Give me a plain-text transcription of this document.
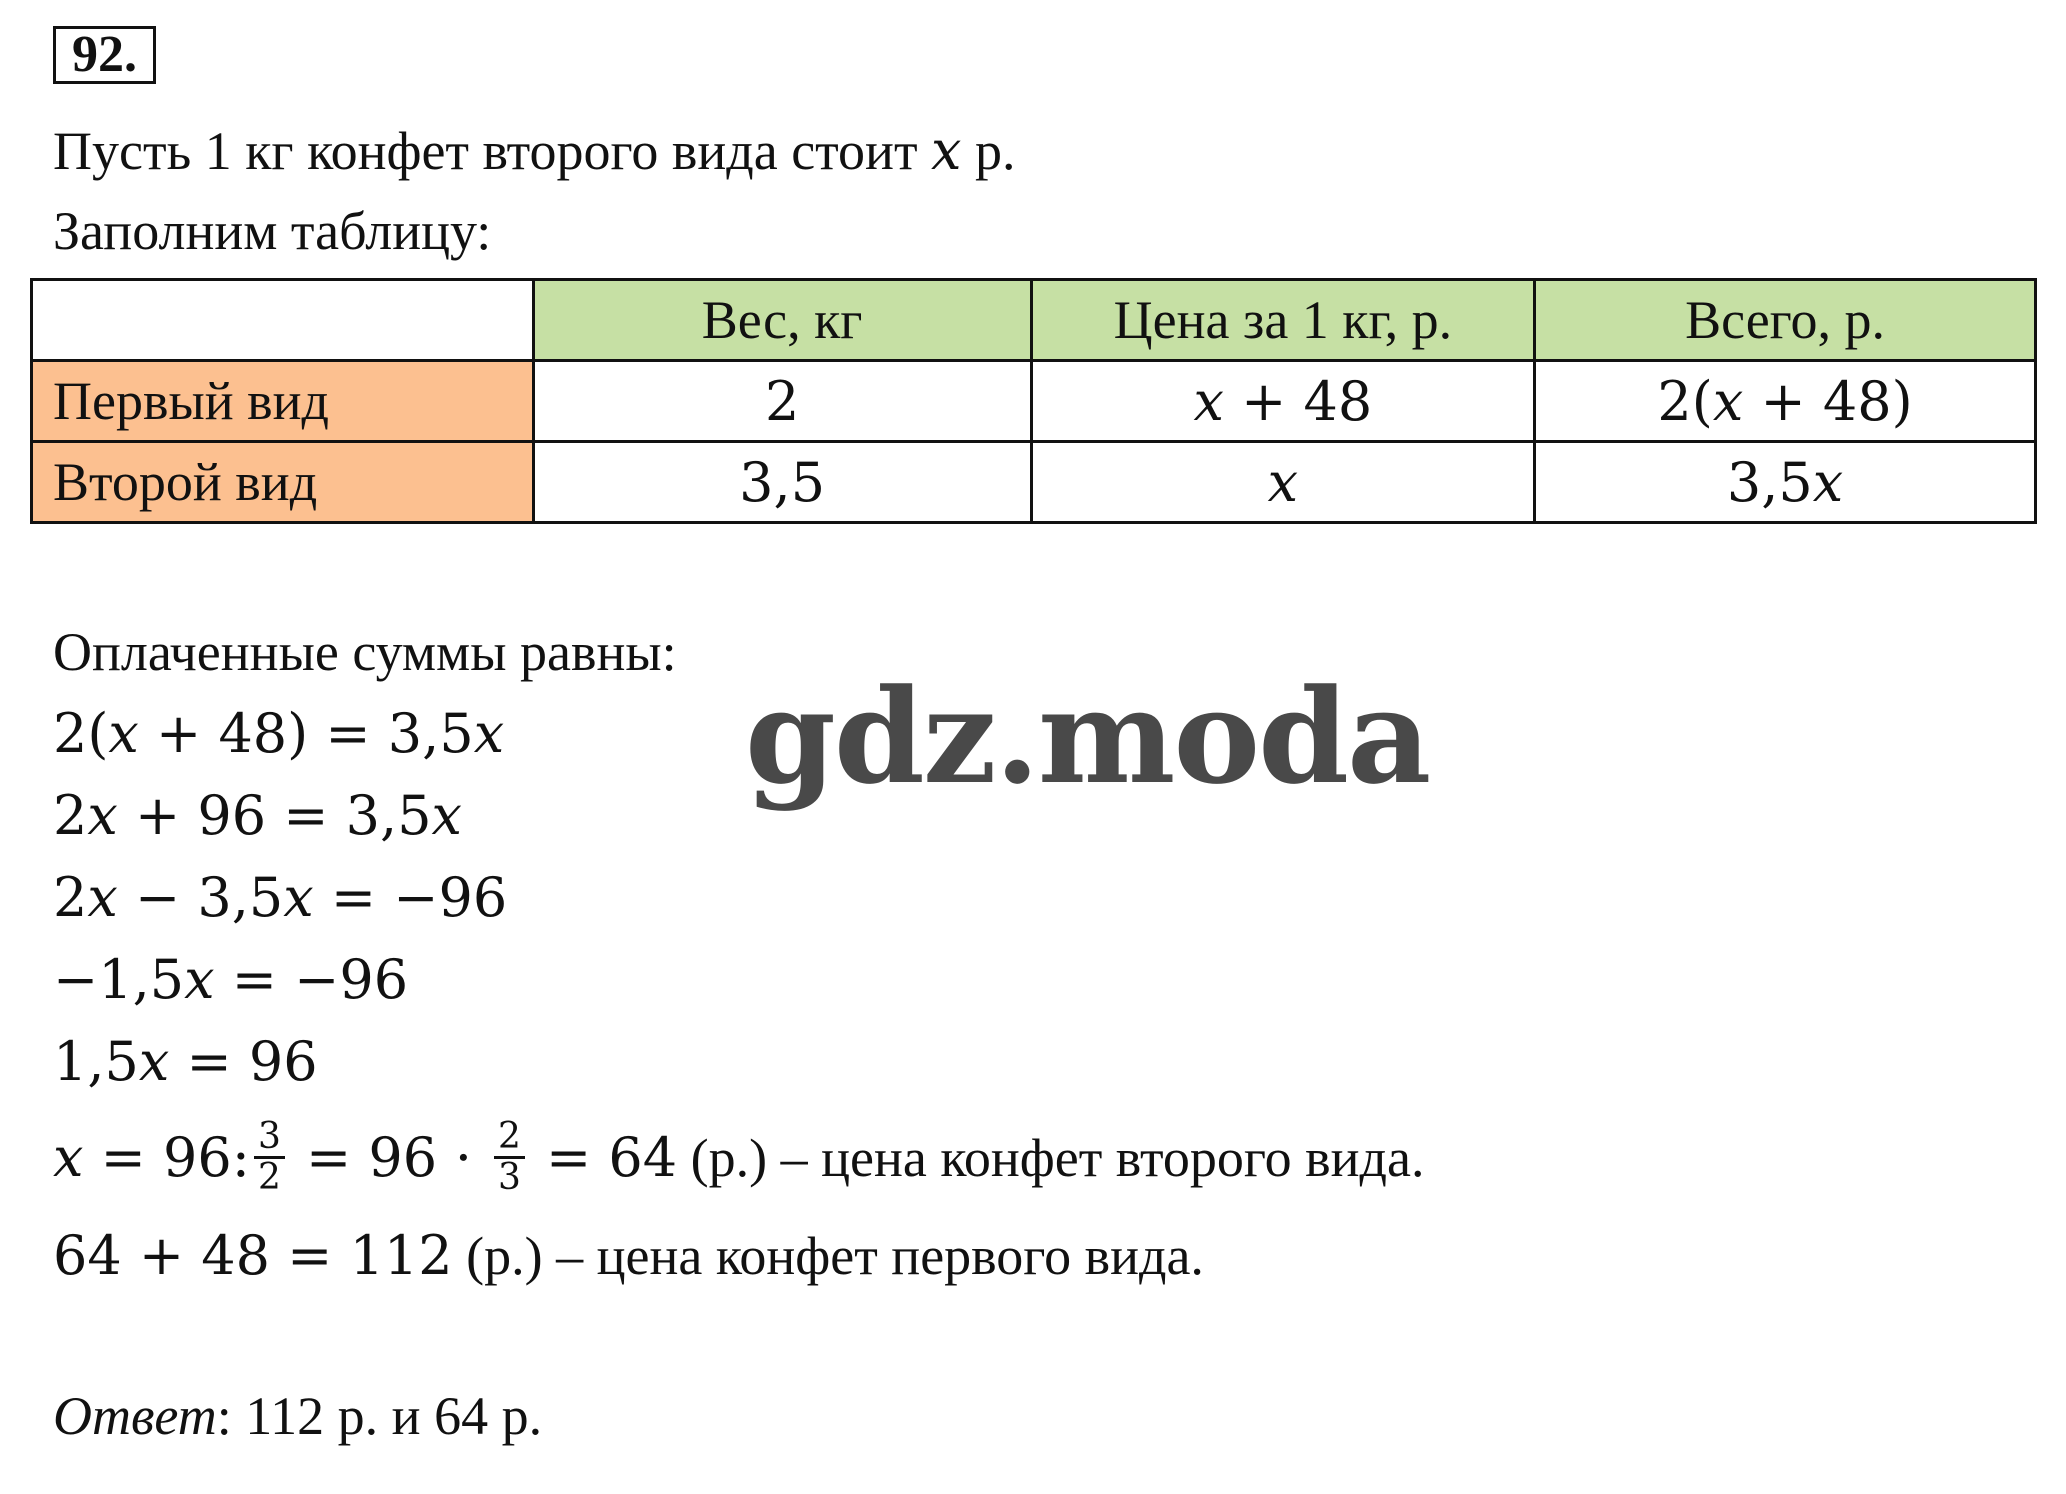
92.
Пусть 1 кг конфет второго вида стоит 𝑥 р.
Заполним таблицу:
	Вес, кг	Цена за 1 кг, р.	Всего, р.
Первый вид	2	𝑥 + 48	2(𝑥 + 48)
Второй вид	3,5	𝑥	3,5𝑥
Оплаченные суммы равны:
2(𝑥 + 48) = 3,5𝑥
2𝑥 + 96 = 3,5𝑥
2𝑥 − 3,5𝑥 = −96
−1,5𝑥 = −96
1,5𝑥 = 96
𝑥 = 96: $\frac{3}{2} = 96 \cdot \frac{2}{3} = 64$ (р.) – цена конфет второго вида.
64 + 48 = 112 (р.) – цена конфет первого вида.
Ответ: 112 р. и 64 р.
gdz.moda
